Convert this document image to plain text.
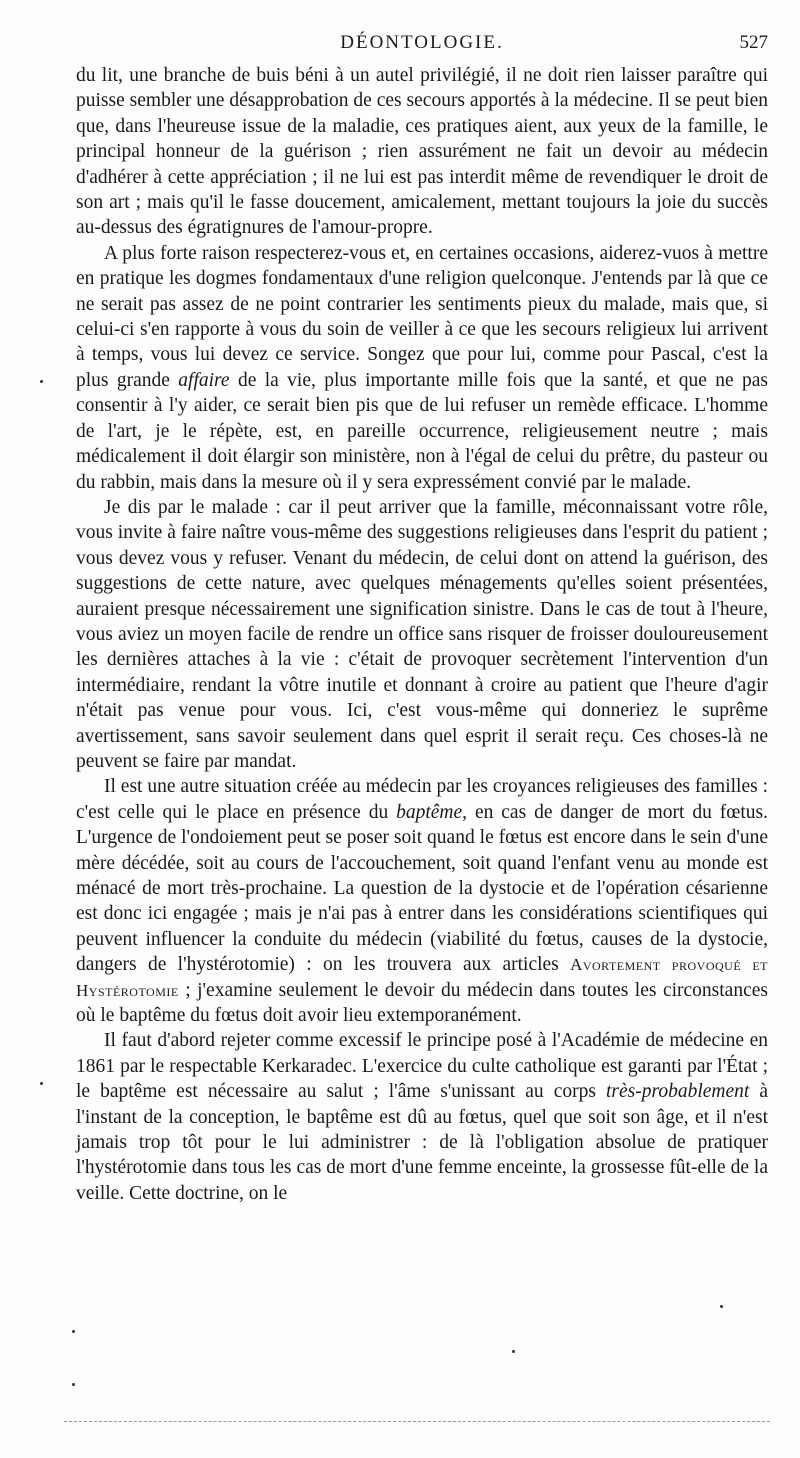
DÉONTOLOGIE.	527

du lit, une branche de buis béni à un autel privilégié, il ne doit rien laisser paraître qui puisse sembler une désapprobation de ces secours apportés à la médecine. Il se peut bien que, dans l'heureuse issue de la maladie, ces pratiques aient, aux yeux de la famille, le principal honneur de la guérison ; rien assurément ne fait un devoir au médecin d'adhérer à cette appréciation ; il ne lui est pas interdit même de revendiquer le droit de son art ; mais qu'il le fasse doucement, amicalement, mettant toujours la joie du succès au-dessus des égratignures de l'amour-propre.

A plus forte raison respecterez-vous et, en certaines occasions, aiderez-vuos à mettre en pratique les dogmes fondamentaux d'une religion quelconque. J'entends par là que ce ne serait pas assez de ne point contrarier les sentiments pieux du malade, mais que, si celui-ci s'en rapporte à vous du soin de veiller à ce que les secours religieux lui arrivent à temps, vous lui devez ce service. Songez que pour lui, comme pour Pascal, c'est la plus grande affaire de la vie, plus importante mille fois que la santé, et que ne pas consentir à l'y aider, ce serait bien pis que de lui refuser un remède efficace. L'homme de l'art, je le répète, est, en pareille occurrence, religieusement neutre ; mais médicalement il doit élargir son ministère, non à l'égal de celui du prêtre, du pasteur ou du rabbin, mais dans la mesure où il y sera expressément convié par le malade.

Je dis par le malade : car il peut arriver que la famille, méconnaissant votre rôle, vous invite à faire naître vous-même des suggestions religieuses dans l'esprit du patient ; vous devez vous y refuser. Venant du médecin, de celui dont on attend la guérison, des suggestions de cette nature, avec quelques ménagements qu'elles soient présentées, auraient presque nécessairement une signification sinistre. Dans le cas de tout à l'heure, vous aviez un moyen facile de rendre un office sans risquer de froisser douloureusement les dernières attaches à la vie : c'était de provoquer secrètement l'intervention d'un intermédiaire, rendant la vôtre inutile et donnant à croire au patient que l'heure d'agir n'était pas venue pour vous. Ici, c'est vous-même qui donneriez le suprême avertissement, sans savoir seulement dans quel esprit il serait reçu. Ces choses-là ne peuvent se faire par mandat.

Il est une autre situation créée au médecin par les croyances religieuses des familles : c'est celle qui le place en présence du baptême, en cas de danger de mort du fœtus. L'urgence de l'ondoiement peut se poser soit quand le fœtus est encore dans le sein d'une mère décédée, soit au cours de l'accouchement, soit quand l'enfant venu au monde est ménacé de mort très-prochaine. La question de la dystocie et de l'opération césarienne est donc ici engagée ; mais je n'ai pas à entrer dans les considérations scientifiques qui peuvent influencer la conduite du médecin (viabilité du fœtus, causes de la dystocie, dangers de l'hystérotomie) : on les trouvera aux articles Avortement provoqué et Hystérotomie ; j'examine seulement le devoir du médecin dans toutes les circonstances où le baptême du fœtus doit avoir lieu extemporanément.

Il faut d'abord rejeter comme excessif le principe posé à l'Académie de médecine en 1861 par le respectable Kerkaradec. L'exercice du culte catholique est garanti par l'État ; le baptême est nécessaire au salut ; l'âme s'unissant au corps très-probablement à l'instant de la conception, le baptême est dû au fœtus, quel que soit son âge, et il n'est jamais trop tôt pour le lui administrer : de là l'obligation absolue de pratiquer l'hystérotomie dans tous les cas de mort d'une femme enceinte, la grossesse fût-elle de la veille. Cette doctrine, on le
